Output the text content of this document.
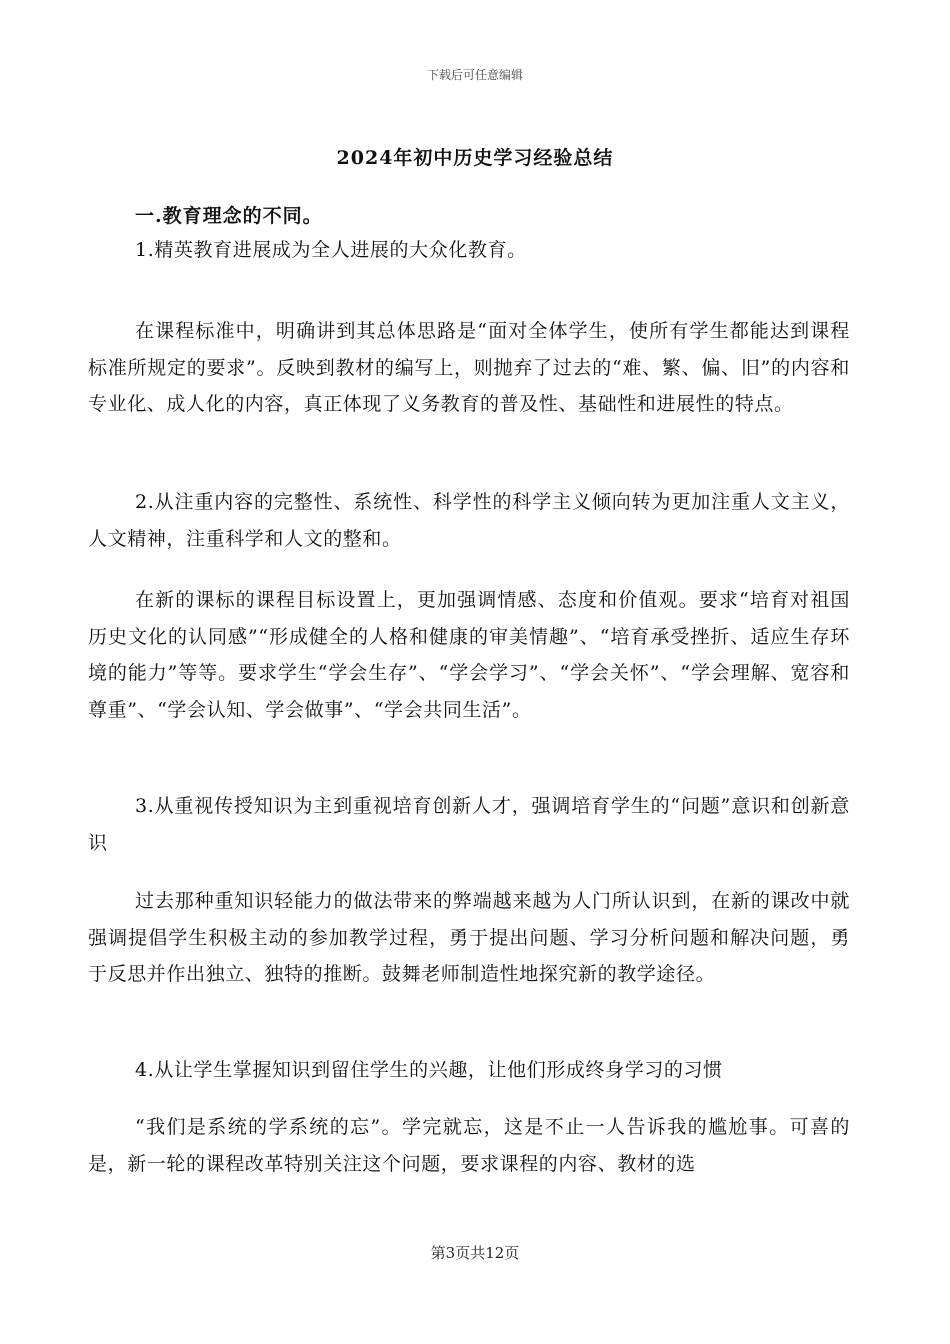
下载后可任意编辑
2024年初中历史学习经验总结
一.教育理念的不同。

1.精英教育进展成为全人进展的大众化教育。

在课程标准中，明确讲到其总体思路是“面对全体学生，使所有学生都能达到课程标准所规定的要求”。反映到教材的编写上，则抛弃了过去的“难、繁、偏、旧”的内容和专业化、成人化的内容，真正体现了义务教育的普及性、基础性和进展性的特点。

2.从注重内容的完整性、系统性、科学性的科学主义倾向转为更加注重人文主义，人文精神，注重科学和人文的整和。

在新的课标的课程目标设置上，更加强调情感、态度和价值观。要求“培育对祖国历史文化的认同感”“形成健全的人格和健康的审美情趣”、“培育承受挫折、适应生存环境的能力”等等。要求学生“学会生存”、“学会学习”、“学会关怀”、“学会理解、宽容和尊重”、“学会认知、学会做事”、“学会共同生活”。

3.从重视传授知识为主到重视培育创新人才，强调培育学生的“问题”意识和创新意识

过去那种重知识轻能力的做法带来的弊端越来越为人门所认识到，在新的课改中就强调提倡学生积极主动的参加教学过程，勇于提出问题、学习分析问题和解决问题，勇于反思并作出独立、独特的推断。鼓舞老师制造性地探究新的教学途径。

4.从让学生掌握知识到留住学生的兴趣，让他们形成终身学习的习惯

“我们是系统的学系统的忘”。学完就忘，这是不止一人告诉我的尴尬事。可喜的是，新一轮的课程改革特别关注这个问题，要求课程的内容、教材的选

第3页共12页
